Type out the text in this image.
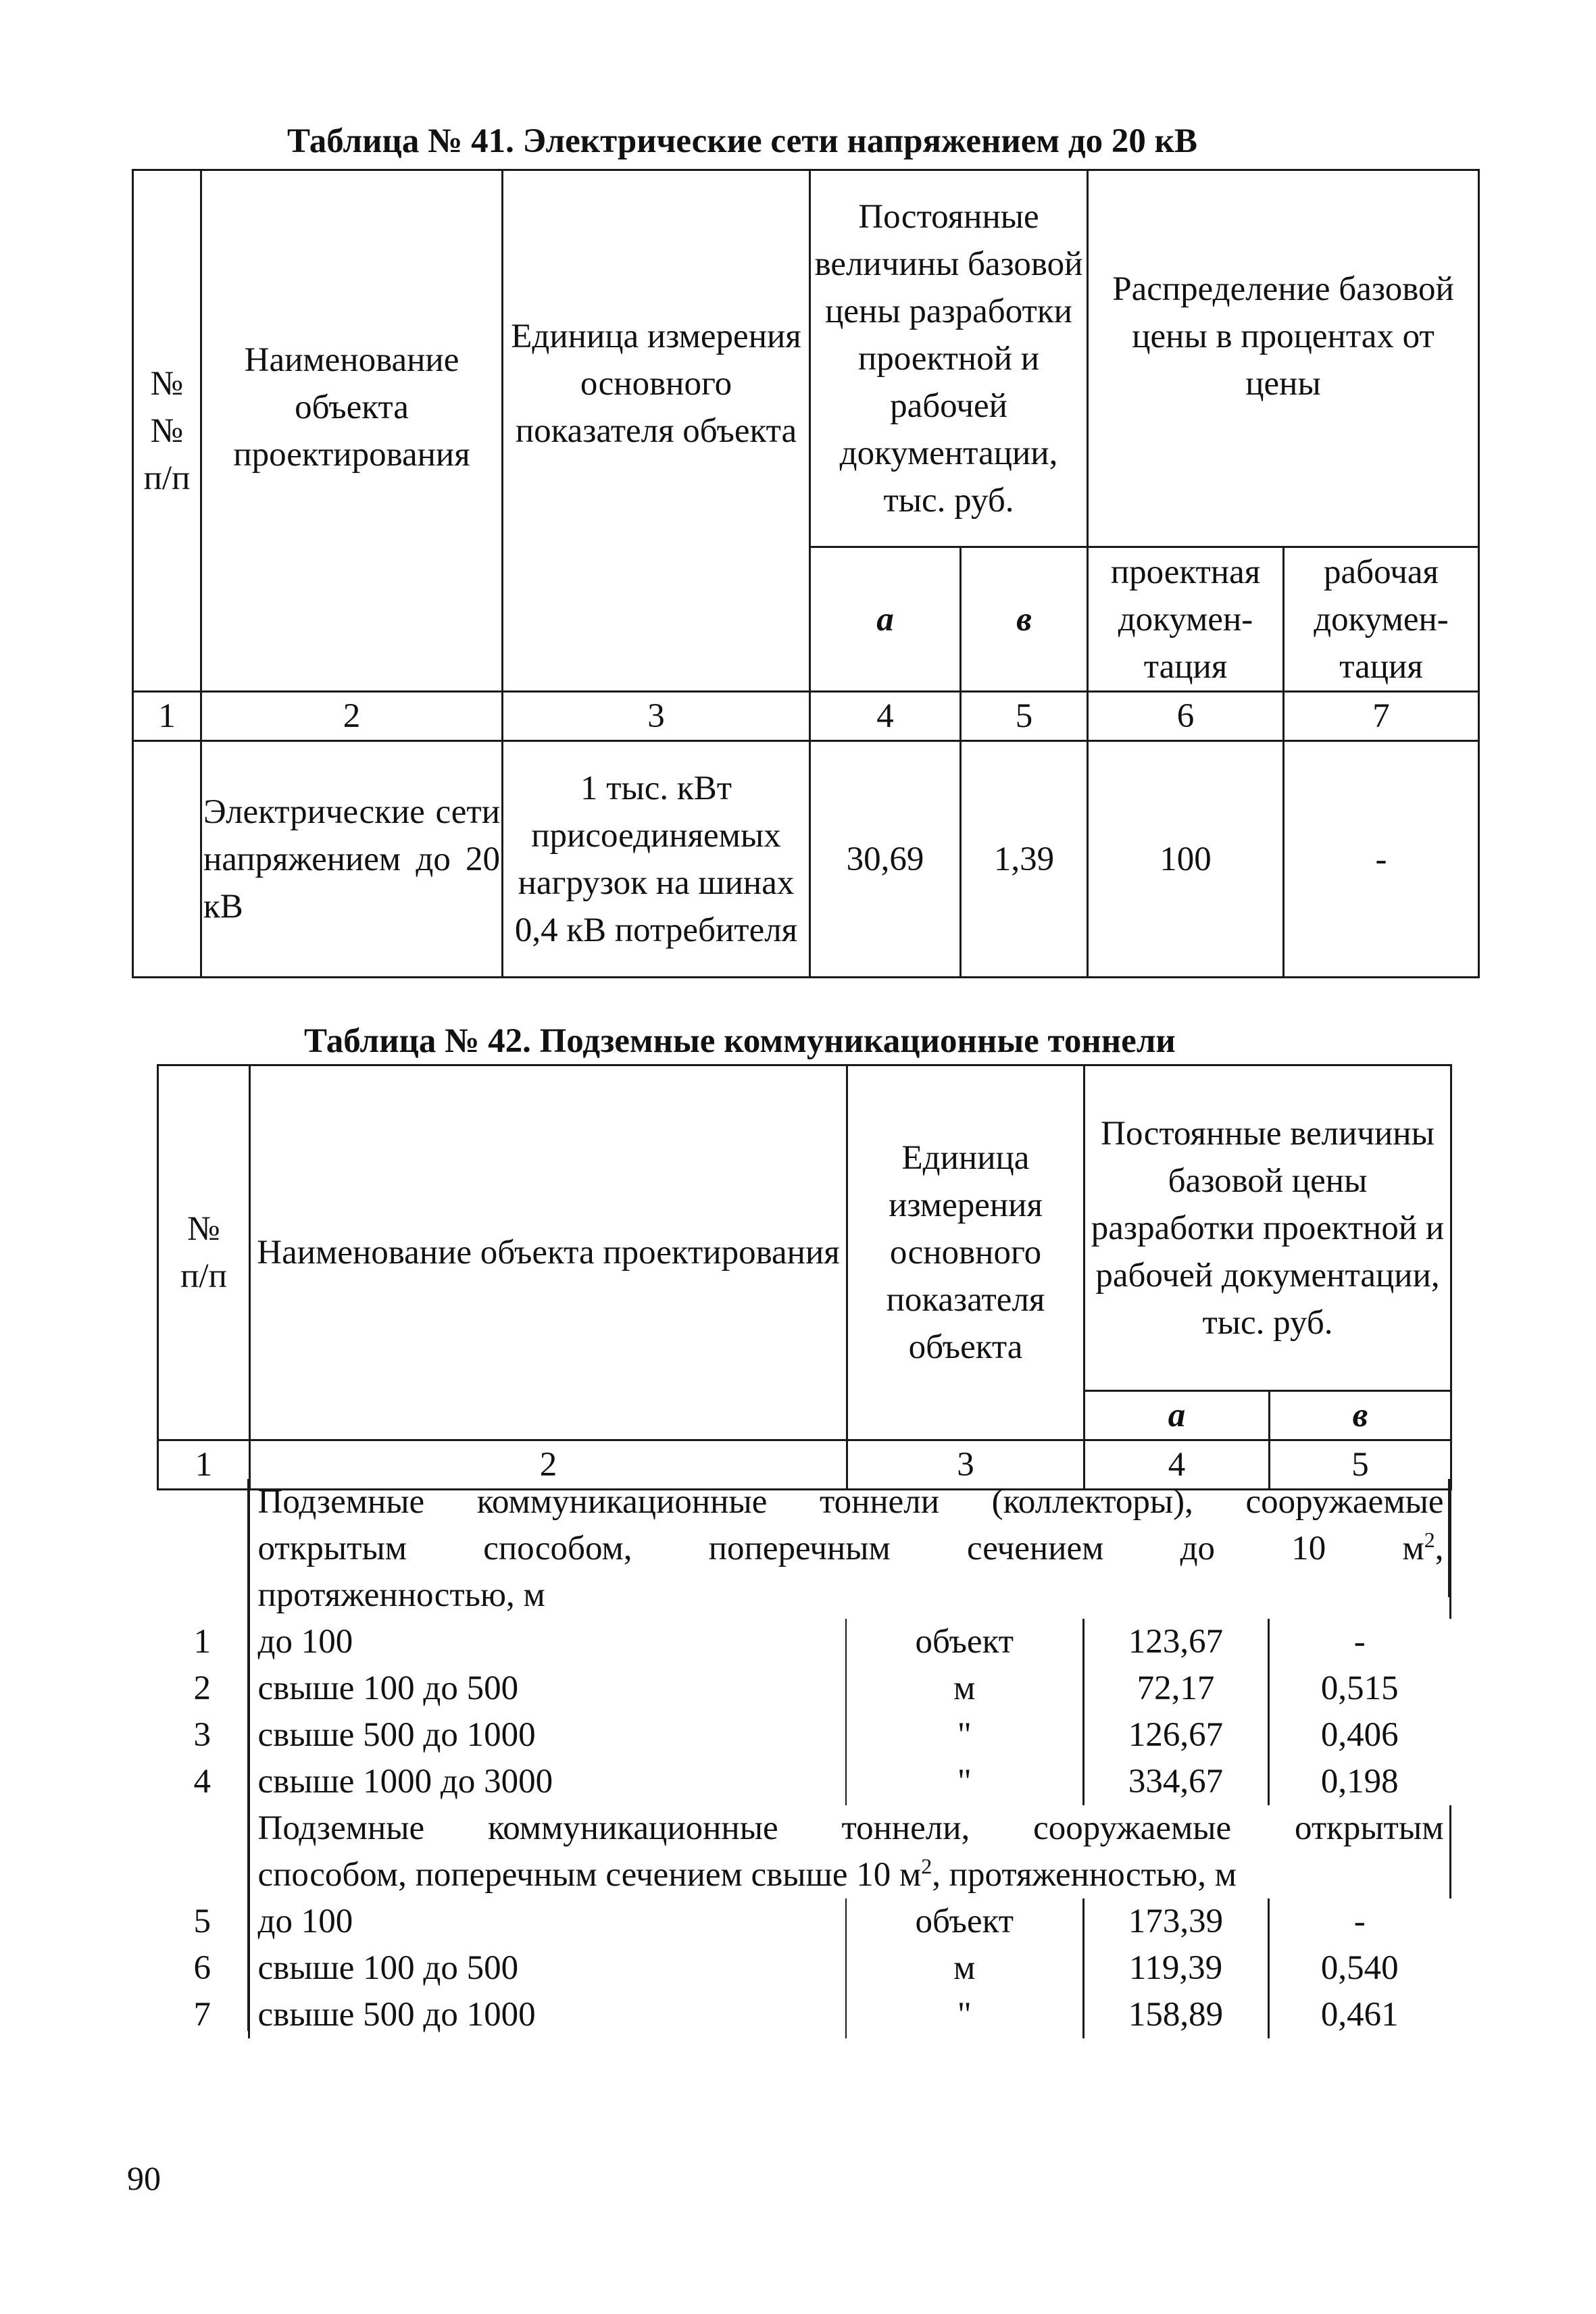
Таблица № 41. Электрические сети напряжением до 20 кВ
№
№
п/п	Наименование объекта проектирования	Единица измерения основного показателя объекта	Постоянные величины базовой цены разработки проектной и рабочей документации, тыс. руб.		Распределение базовой цены в процентах от цены	
			а	в	проектная докумен-тация	рабочая докумен-тация
1	2	3	4	5	6	7
	Электрические сети напряжением до 20 кВ	1 тыс. кВт присоединяемых нагрузок на шинах 0,4 кВ потребителя	30,69	1,39	100	-
Таблица № 42. Подземные коммуникационные тоннели
№
п/п	Наименование объекта проектирования	Единица измерения основного показателя объекта	Постоянные величины базовой цены разработки проектной и рабочей документации, тыс. руб.	
			а	в
1	2	3	4	5

	Подземные коммуникационные тоннели (коллекторы), сооружаемые
открытым способом, поперечным сечением до 10 $м^2$,
протяженностью, м			

1	до 100	объект	123,67	-
2	свыше 100 до 500	м	72,17	0,515
3	свыше 500 до 1000	"	126,67	0,406
4	свыше 1000 до 3000	"	334,67	0,198

	Подземные коммуникационные тоннели, сооружаемые открытым
способом, поперечным сечением свыше 10 $м^2$, протяженностью, м			

5	до 100	объект	173,39	-
6	свыше 100 до 500	м	119,39	0,540
7	свыше 500 до 1000	"	158,89	0,461
90
